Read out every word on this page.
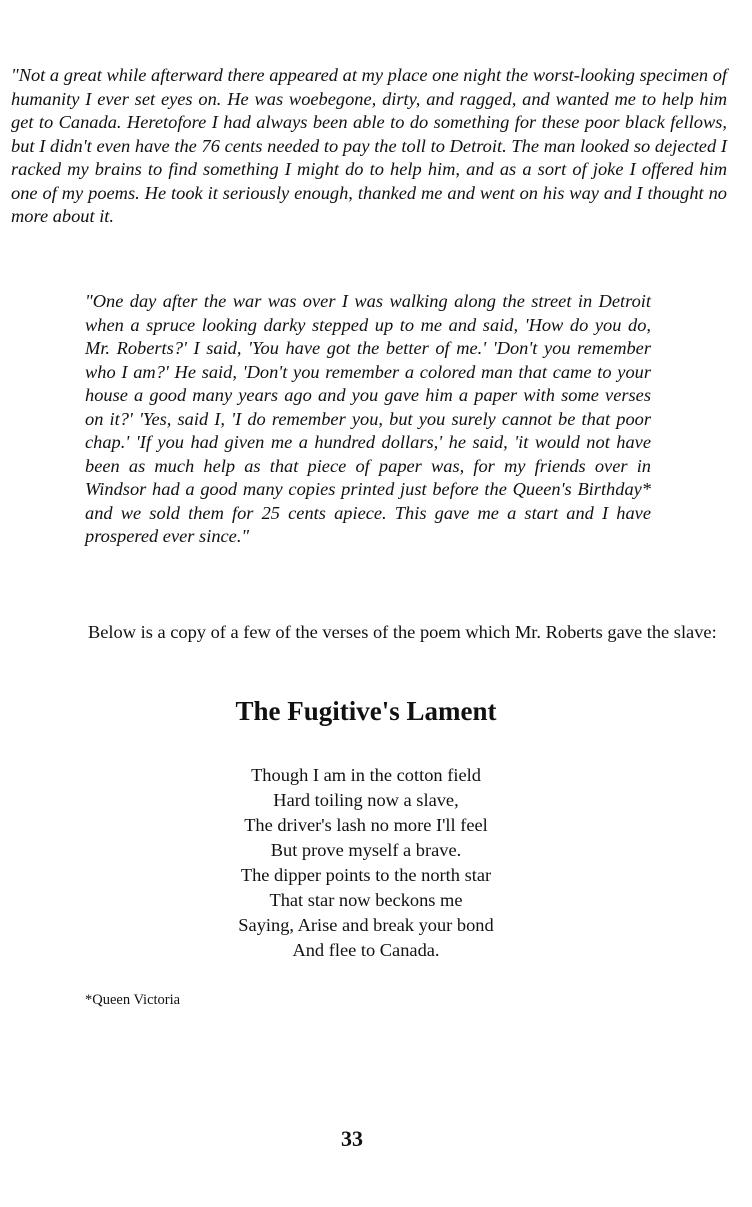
"Not a great while afterward there appeared at my place one night the worst-looking specimen of humanity I ever set eyes on. He was woebegone, dirty, and ragged, and wanted me to help him get to Canada. Heretofore I had always been able to do something for these poor black fellows, but I didn't even have the 76 cents needed to pay the toll to Detroit. The man looked so dejected I racked my brains to find something I might do to help him, and as a sort of joke I offered him one of my poems. He took it seriously enough, thanked me and went on his way and I thought no more about it.

"One day after the war was over I was walking along the street in Detroit when a spruce looking darky stepped up to me and said, 'How do you do, Mr. Roberts?' I said, 'You have got the better of me.' 'Don't you remember who I am?' He said, 'Don't you remember a colored man that came to your house a good many years ago and you gave him a paper with some verses on it?' 'Yes, said I, 'I do remember you, but you surely cannot be that poor chap.' 'If you had given me a hundred dollars,' he said, 'it would not have been as much help as that piece of paper was, for my friends over in Windsor had a good many copies printed just before the Queen's Birthday* and we sold them for 25 cents apiece. This gave me a start and I have prospered ever since."

Below is a copy of a few of the verses of the poem which Mr. Roberts gave the slave:

The Fugitive's Lament
Though I am in the cotton field
Hard toiling now a slave,
The driver's lash no more I'll feel
But prove myself a brave.
The dipper points to the north star
That star now beckons me
Saying, Arise and break your bond
And flee to Canada.

*Queen Victoria

33
